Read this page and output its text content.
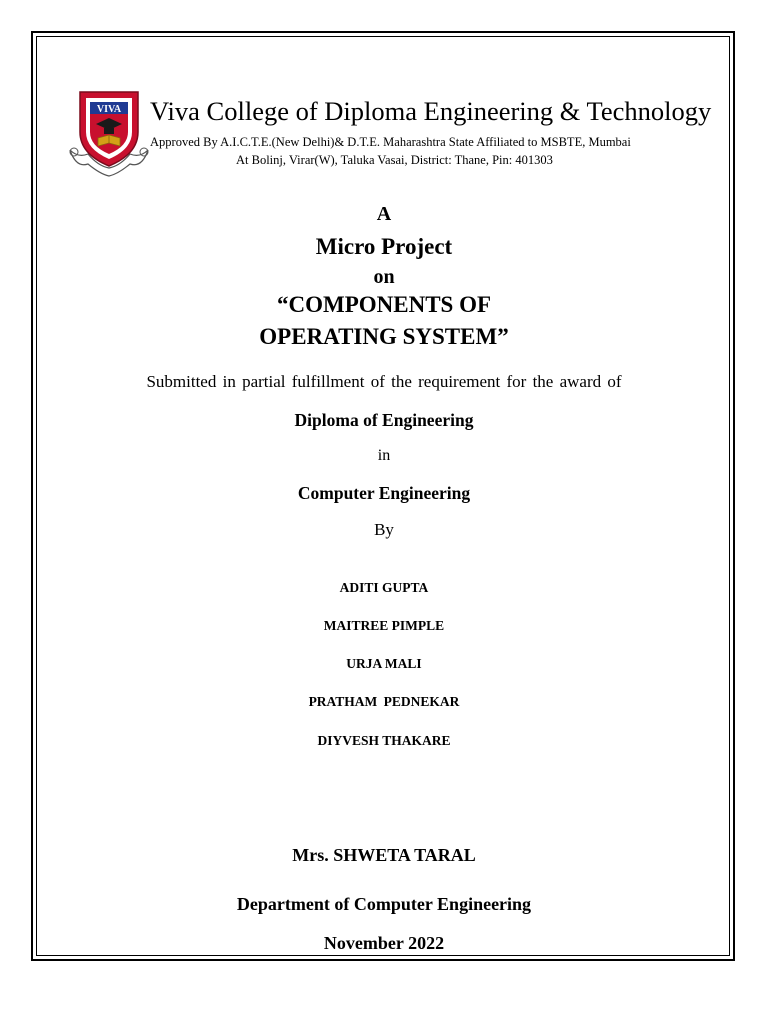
VIVA Viva College of Diploma Engineering & Technology
Approved By A.I.C.T.E.(New Delhi)& D.T.E. Maharashtra State Affiliated to MSBTE, Mumbai
At Bolinj, Virar(W), Taluka Vasai, District: Thane, Pin: 401303
A
Micro Project
on
“COMPONENTS OF
OPERATING SYSTEM”
Submitted in partial fulfillment of the requirement for the award of
Diploma of Engineering
in
Computer Engineering
By
ADITI GUPTA
MAITREE PIMPLE
URJA MALI
PRATHAM PEDNEKAR
DIYVESH THAKARE
Mrs. SHWETA TARAL
Department of Computer Engineering
November 2022
